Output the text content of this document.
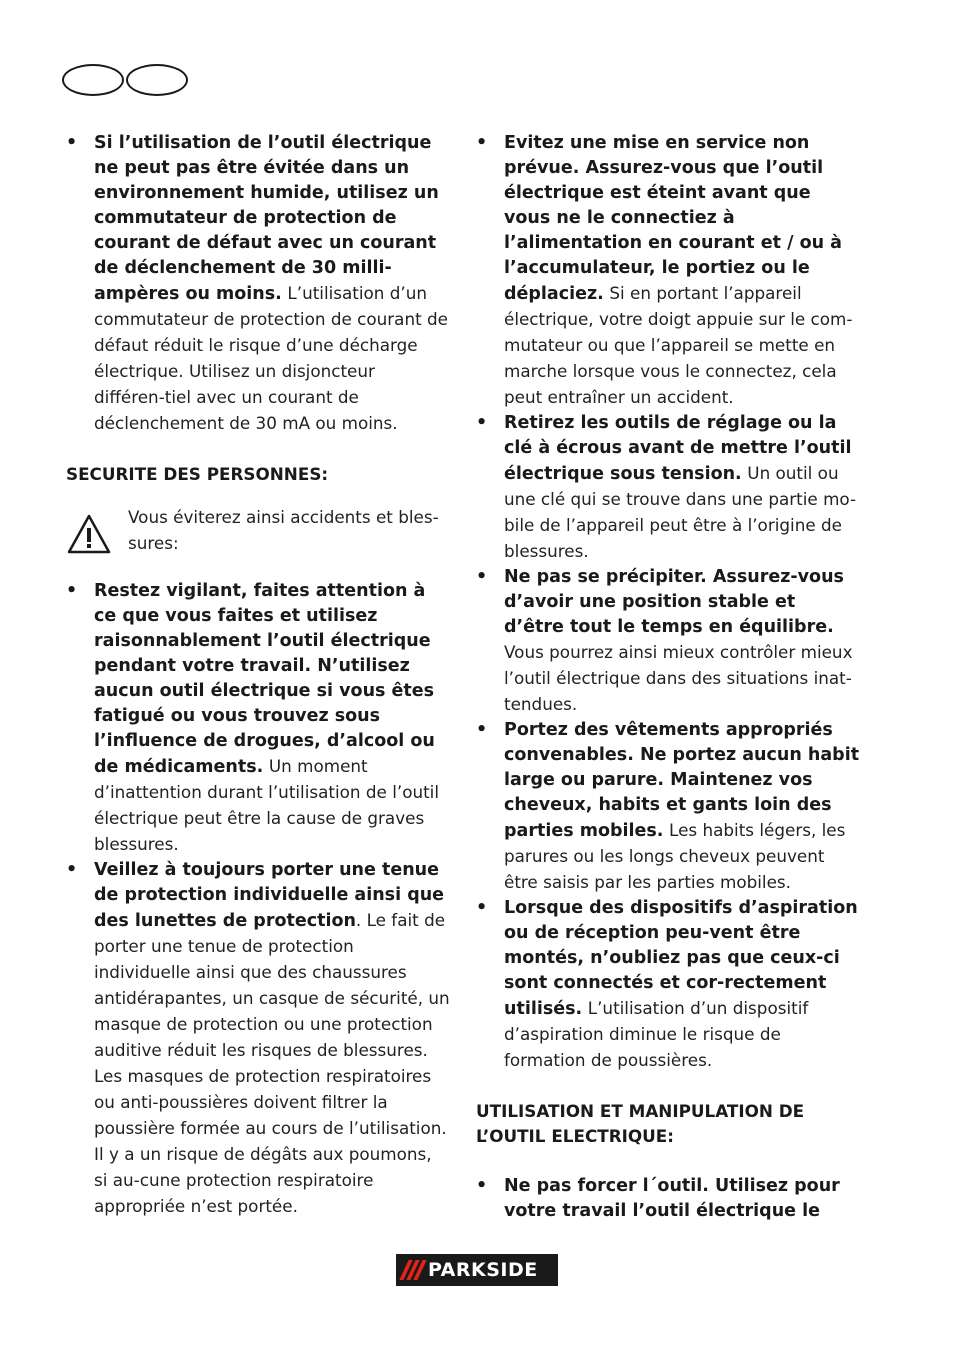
• Si l’utilisation de l’outil électrique ne peut pas être évitée dans un environnement humide, utilisez un commutateur de protection de courant de défaut avec un courant de déclenchement de 30 milli-ampères ou moins. L’utilisation d’un commutateur de protection de courant de défaut réduit le risque d’une décharge électrique. Utilisez un disjoncteur différen-tiel avec un courant de déclenchement de 30 mA ou moins.
SECURITE DES PERSONNES:
Vous éviterez ainsi accidents et bles-sures:
• Restez vigilant, faites attention à ce que vous faites et utilisez raisonnablement l’outil électrique pendant votre travail. N’utilisez aucun outil électrique si vous êtes fatigué ou vous trouvez sous l’influence de drogues, d’alcool ou de médicaments. Un moment d’inattention durant l’utilisation de l’outil électrique peut être la cause de graves blessures.
• Veillez à toujours porter une tenue de protection individuelle ainsi que des lunettes de protection. Le fait de porter une tenue de protection individuelle ainsi que des chaussures antidérapantes, un casque de sécurité, un masque de protection ou une protection auditive réduit les risques de blessures. Les masques de protection respiratoires ou anti-poussières doivent filtrer la poussière formée au cours de l’utilisation. Il y a un risque de dégâts aux poumons, si au-cune protection respiratoire appropriée n’est portée.
• Evitez une mise en service non prévue. Assurez-vous que l’outil électrique est éteint avant que vous ne le connectiez à l’alimentation en courant et / ou à l’accumulateur, le portiez ou le déplaciez. Si en portant l’appareil électrique, votre doigt appuie sur le com-mutateur ou que l’appareil se mette en marche lorsque vous le connectez, cela peut entraîner un accident.
• Retirez les outils de réglage ou la clé à écrous avant de mettre l’outil électrique sous tension. Un outil ou une clé qui se trouve dans une partie mo-bile de l’appareil peut être à l’origine de blessures.
• Ne pas se précipiter. Assurez-vous d’avoir une position stable et d’être tout le temps en équilibre. Vous pourrez ainsi mieux contrôler mieux l’outil électrique dans des situations inat-tendues.
• Portez des vêtements appropriés convenables. Ne portez aucun habit large ou parure. Maintenez vos cheveux, habits et gants loin des parties mobiles. Les habits légers, les parures ou les longs cheveux peuvent être saisis par les parties mobiles.
• Lorsque des dispositifs d’aspiration ou de réception peu-vent être montés, n’oubliez pas que ceux-ci sont connectés et cor-rectement utilisés. L’utilisation d’un dispositif d’aspiration diminue le risque de formation de poussières.
UTILISATION ET MANIPULATION DE L’OUTIL ELECTRIQUE:
• Ne pas forcer l´outil. Utilisez pour votre travail l’outil électrique le
PARKSIDE
